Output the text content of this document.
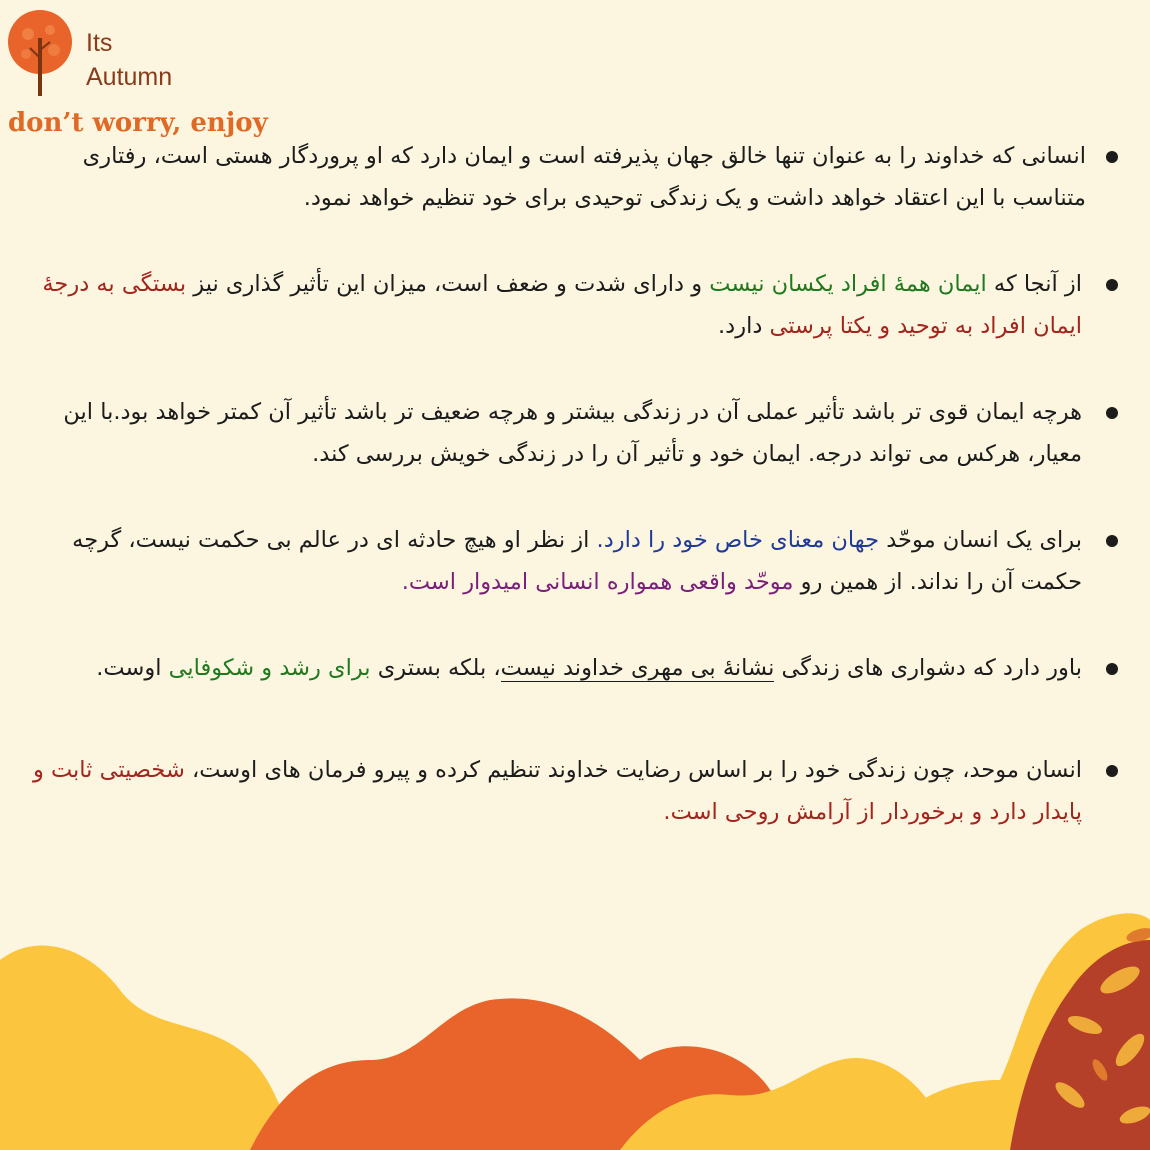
Its
Autumn
don’t worry, enjoy
انسانی که خداوند را به عنوان تنها خالق جهان پذیرفته است و ایمان دارد که او پروردگار هستی است، رفتاری متناسب با این اعتقاد خواهد داشت و یک زندگی توحیدی برای خود تنظیم خواهد نمود.
از آنجا که ایمان همهٔ افراد یکسان نیست و دارای شدت و ضعف است، میزان این تأثیر گذاری نیز بستگی به درجهٔ ایمان افراد به توحید و یکتا پرستی دارد.
هرچه ایمان قوی تر باشد تأثیر عملی آن در زندگی بیشتر و هرچه ضعیف تر باشد تأثیر آن کمتر خواهد بود.با این معیار، هرکس می تواند درجه. ایمان خود و تأثیر آن را در زندگی خویش بررسی کند.
برای یک انسان موحّد جهان معنای خاص خود را دارد. از نظر او هیچ حادثه ای در عالم بی حکمت نیست، گرچه حکمت آن را نداند. از همین رو موحّد واقعی همواره انسانی امیدوار است.
باور دارد که دشواری های زندگی نشانهٔ بی مهری خداوند نیست، بلکه بستری برای رشد و شکوفایی اوست.
انسان موحد، چون زندگی خود را بر اساس رضایت خداوند تنظیم کرده و پیرو فرمان های اوست، شخصیتی ثابت و پایدار دارد و برخوردار از آرامش روحی است.
